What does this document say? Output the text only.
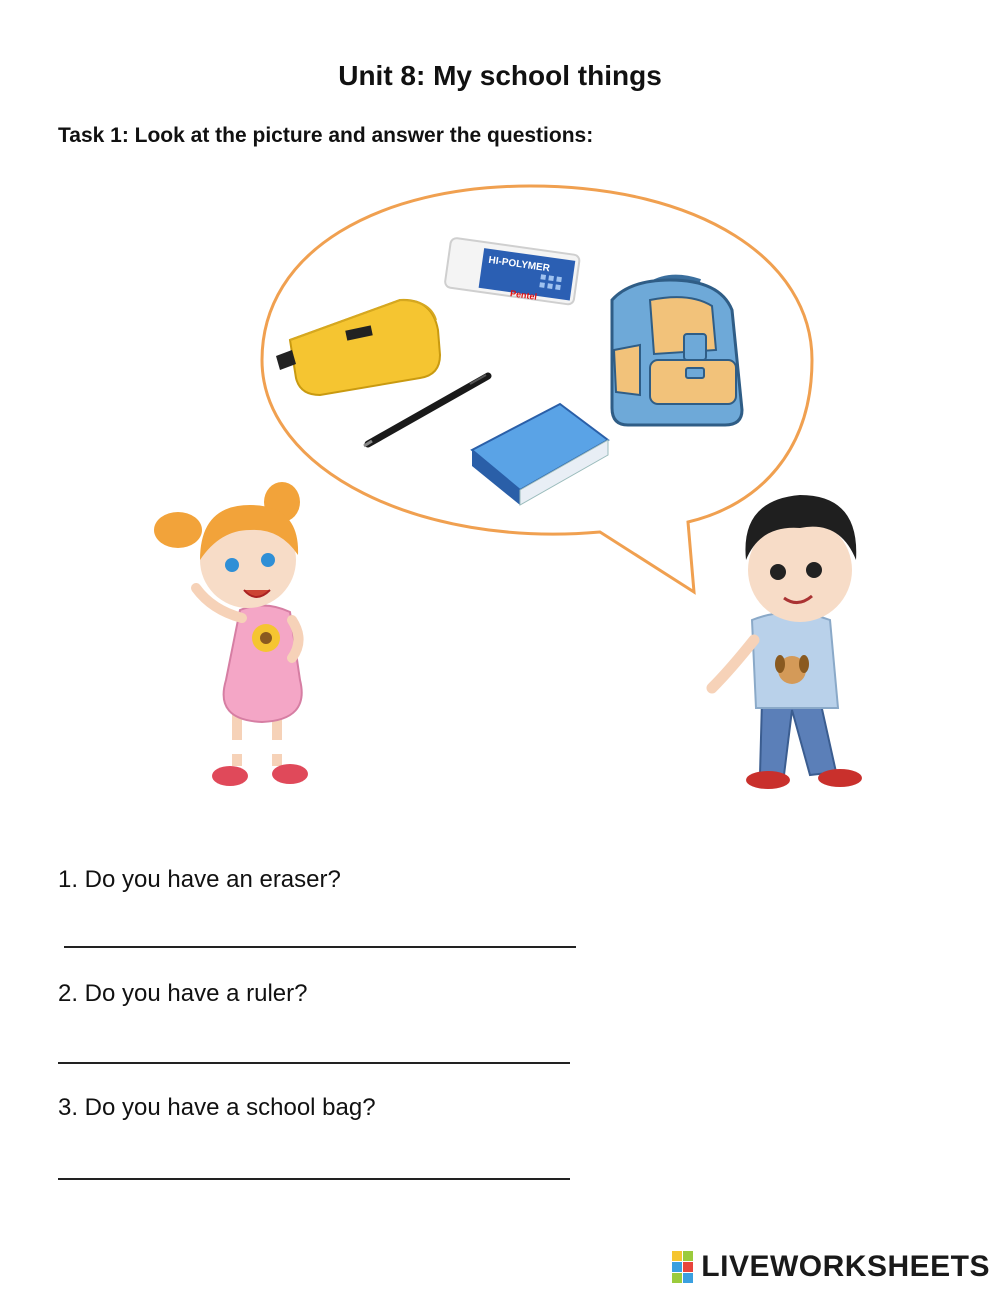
Unit 8: My school things
Task 1: Look at the picture and answer the questions:
HI-POLYMER
Pentel
1. Do you have an eraser?
2. Do you have a ruler?
3. Do you have a school bag?
LIVEWORKSHEETS
